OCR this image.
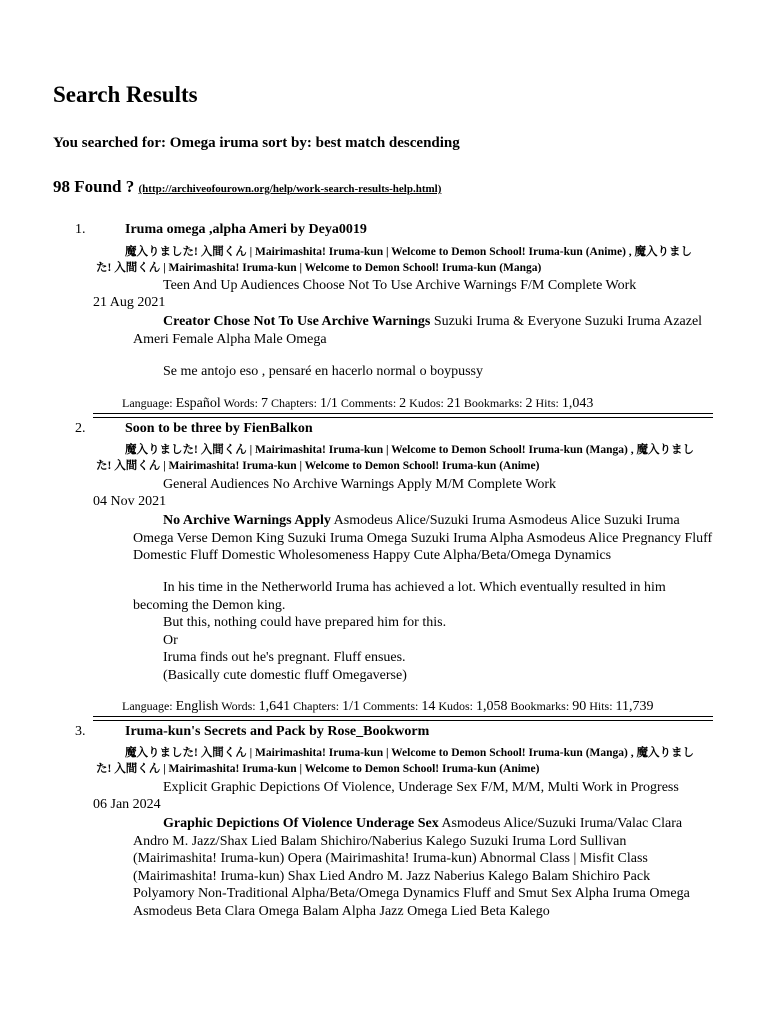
Search Results
You searched for: Omega iruma sort by: best match descending
98 Found ? (http://archiveofourown.org/help/work-search-results-help.html)
1.	Iruma omega ,alpha Ameri by Deya0019
魔入りました! 入間くん | Mairimashita! Iruma-kun | Welcome to Demon School! Iruma-kun (Anime) , 魔入りました! 入間くん | Mairimashita! Iruma-kun | Welcome to Demon School! Iruma-kun (Manga)
Teen And Up Audiences Choose Not To Use Archive Warnings F/M Complete Work
21 Aug 2021
Creator Chose Not To Use Archive Warnings Suzuki Iruma & Everyone Suzuki Iruma Azazel Ameri Female Alpha Male Omega

Se me antojo eso , pensaré en hacerlo normal o boypussy

Language: Español Words: 7 Chapters: 1/1 Comments: 2 Kudos: 21 Bookmarks: 2 Hits: 1,043
2.	Soon to be three by FienBalkon
魔入りました! 入間くん | Mairimashita! Iruma-kun | Welcome to Demon School! Iruma-kun (Manga) , 魔入りました! 入間くん | Mairimashita! Iruma-kun | Welcome to Demon School! Iruma-kun (Anime)
General Audiences No Archive Warnings Apply M/M Complete Work
04 Nov 2021
No Archive Warnings Apply Asmodeus Alice/Suzuki Iruma Asmodeus Alice Suzuki Iruma Omega Verse Demon King Suzuki Iruma Omega Suzuki Iruma Alpha Asmodeus Alice Pregnancy Fluff Domestic Fluff Domestic Wholesomeness Happy Cute Alpha/Beta/Omega Dynamics

In his time in the Netherworld Iruma has achieved a lot. Which eventually resulted in him becoming the Demon king.

But this, nothing could have prepared him for this.

Or

Iruma finds out he's pregnant. Fluff ensues.

(Basically cute domestic fluff Omegaverse)

Language: English Words: 1,641 Chapters: 1/1 Comments: 14 Kudos: 1,058 Bookmarks: 90 Hits: 11,739
3.	Iruma-kun's Secrets and Pack by Rose_Bookworm
魔入りました! 入間くん | Mairimashita! Iruma-kun | Welcome to Demon School! Iruma-kun (Manga) , 魔入りました! 入間くん | Mairimashita! Iruma-kun | Welcome to Demon School! Iruma-kun (Anime)
Explicit Graphic Depictions Of Violence, Underage Sex F/M, M/M, Multi Work in Progress
06 Jan 2024
Graphic Depictions Of Violence Underage Sex Asmodeus Alice/Suzuki Iruma/Valac Clara Andro M. Jazz/Shax Lied Balam Shichiro/Naberius Kalego Suzuki Iruma Lord Sullivan (Mairimashita! Iruma-kun) Opera (Mairimashita! Iruma-kun) Abnormal Class | Misfit Class (Mairimashita! Iruma-kun) Shax Lied Andro M. Jazz Naberius Kalego Balam Shichiro Pack Polyamory Non-Traditional Alpha/Beta/Omega Dynamics Fluff and Smut Sex Alpha Iruma Omega Asmodeus Beta Clara Omega Balam Alpha Jazz Omega Lied Beta Kalego
